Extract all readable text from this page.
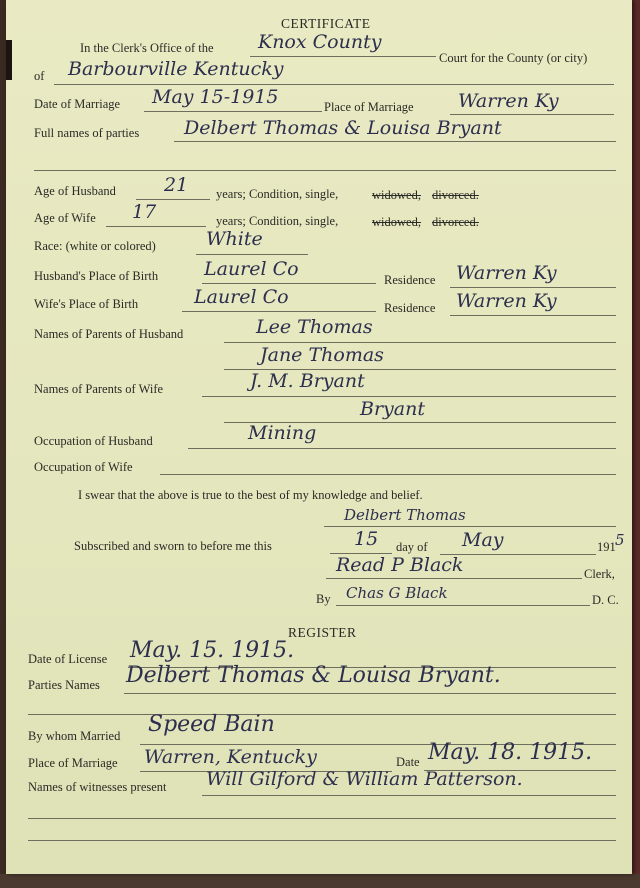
CERTIFICATE
In the Clerk's Office of the Knox County
Court for the County (or city)
of Barbourville Kentucky
Date of Marriage May 15-1915	Place of Marriage Warren Ky
Full names of parties Delbert Thomas & Louisa Bryant
Age of Husband	21 years; Condition, single,	widowed, divorced.
Age of Wife 17	years; Condition, single,	widowed, divorced.
Race: (white or colored)	White
Husband's Place of Birth Laurel Co	Residence Warren Ky
Wife's Place of Birth	Laurel Co	Residence Warren Ky
Names of Parents of Husband	Lee Thomas
Jane Thomas
Names of Parents of Wife	J. M. Bryant
Bryant
Occupation of Husband	Mining
Occupation of Wife
I swear that the above is true to the best of my knowledge and belief.
Delbert Thomas
Subscribed and sworn to before me this	15 day of May	191 5
Read P Black	Clerk,
By Chas G Black	D. C.
REGISTER
Date of License May. 15. 1915.
Parties Names Delbert Thomas & Louisa Bryant.
By whom Married Speed Bain
Place of Marriage Warren, Kentucky	Date May. 18. 1915.
Names of witnesses present Will Gilford & William Patterson.
